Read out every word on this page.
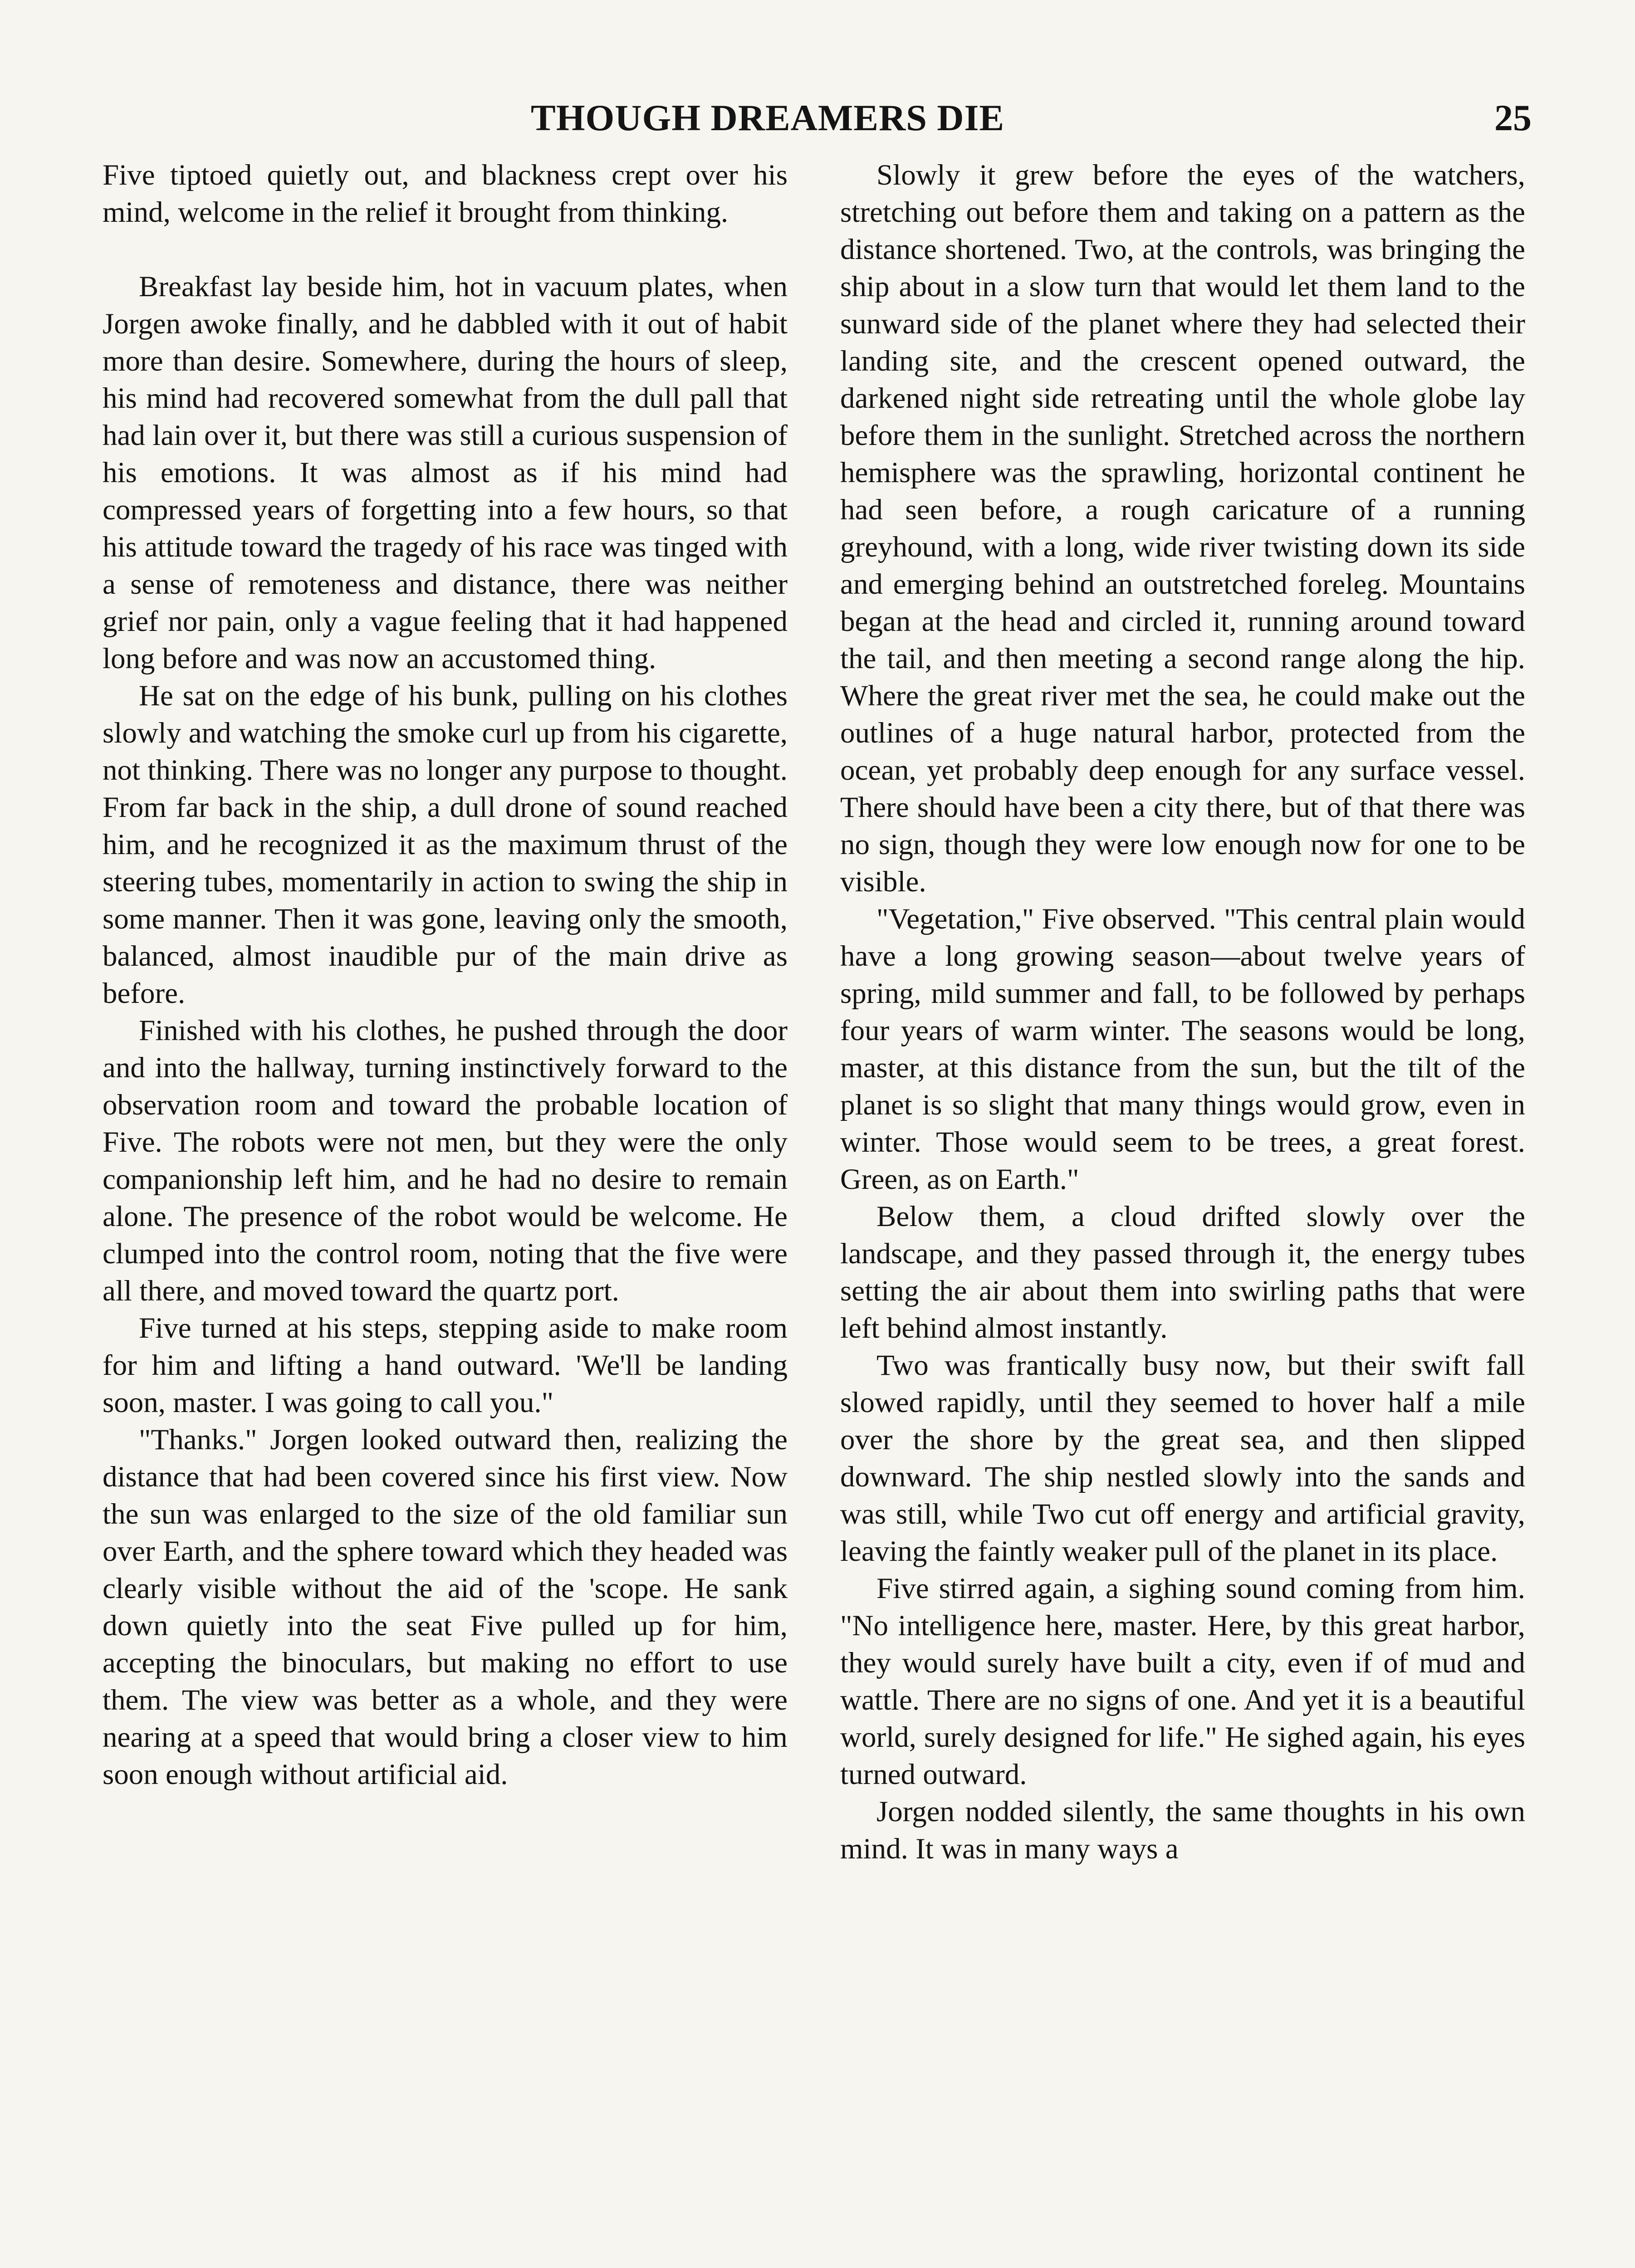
THOUGH DREAMERS DIE	25

Five tiptoed quietly out, and blackness crept over his mind, welcome in the relief it brought from thinking.

Breakfast lay beside him, hot in vacuum plates, when Jorgen awoke finally, and he dabbled with it out of habit more than desire. Somewhere, during the hours of sleep, his mind had recovered somewhat from the dull pall that had lain over it, but there was still a curious suspension of his emotions. It was almost as if his mind had compressed years of forgetting into a few hours, so that his attitude toward the tragedy of his race was tinged with a sense of remoteness and distance, there was neither grief nor pain, only a vague feeling that it had happened long before and was now an accustomed thing.

He sat on the edge of his bunk, pulling on his clothes slowly and watching the smoke curl up from his cigarette, not thinking. There was no longer any purpose to thought. From far back in the ship, a dull drone of sound reached him, and he recognized it as the maximum thrust of the steering tubes, momentarily in action to swing the ship in some manner. Then it was gone, leaving only the smooth, balanced, almost inaudible pur of the main drive as before.

Finished with his clothes, he pushed through the door and into the hallway, turning instinctively forward to the observation room and toward the probable location of Five. The robots were not men, but they were the only companionship left him, and he had no desire to remain alone. The presence of the robot would be welcome. He clumped into the control room, noting that the five were all there, and moved toward the quartz port.

Five turned at his steps, stepping aside to make room for him and lifting a hand outward. 'We'll be landing soon, master. I was going to call you."

"Thanks." Jorgen looked outward then, realizing the distance that had been covered since his first view. Now the sun was enlarged to the size of the old familiar sun over Earth, and the sphere toward which they headed was clearly visible without the aid of the 'scope. He sank down quietly into the seat Five pulled up for him, accepting the binoculars, but making no effort to use them. The view was better as a whole, and they were nearing at a speed that would bring a closer view to him soon enough without artificial aid.

Slowly it grew before the eyes of the watchers, stretching out before them and taking on a pattern as the distance shortened. Two, at the controls, was bringing the ship about in a slow turn that would let them land to the sunward side of the planet where they had selected their landing site, and the crescent opened outward, the darkened night side retreating until the whole globe lay before them in the sunlight. Stretched across the northern hemisphere was the sprawling, horizontal continent he had seen before, a rough caricature of a running greyhound, with a long, wide river twisting down its side and emerging behind an outstretched foreleg. Mountains began at the head and circled it, running around toward the tail, and then meeting a second range along the hip. Where the great river met the sea, he could make out the outlines of a huge natural harbor, protected from the ocean, yet probably deep enough for any surface vessel. There should have been a city there, but of that there was no sign, though they were low enough now for one to be visible.

"Vegetation," Five observed. "This central plain would have a long growing season—about twelve years of spring, mild summer and fall, to be followed by perhaps four years of warm winter. The seasons would be long, master, at this distance from the sun, but the tilt of the planet is so slight that many things would grow, even in winter. Those would seem to be trees, a great forest. Green, as on Earth."

Below them, a cloud drifted slowly over the landscape, and they passed through it, the energy tubes setting the air about them into swirling paths that were left behind almost instantly.

Two was frantically busy now, but their swift fall slowed rapidly, until they seemed to hover half a mile over the shore by the great sea, and then slipped downward. The ship nestled slowly into the sands and was still, while Two cut off energy and artificial gravity, leaving the faintly weaker pull of the planet in its place.

Five stirred again, a sighing sound coming from him. "No intelligence here, master. Here, by this great harbor, they would surely have built a city, even if of mud and wattle. There are no signs of one. And yet it is a beautiful world, surely designed for life." He sighed again, his eyes turned outward.

Jorgen nodded silently, the same thoughts in his own mind. It was in many ways a
